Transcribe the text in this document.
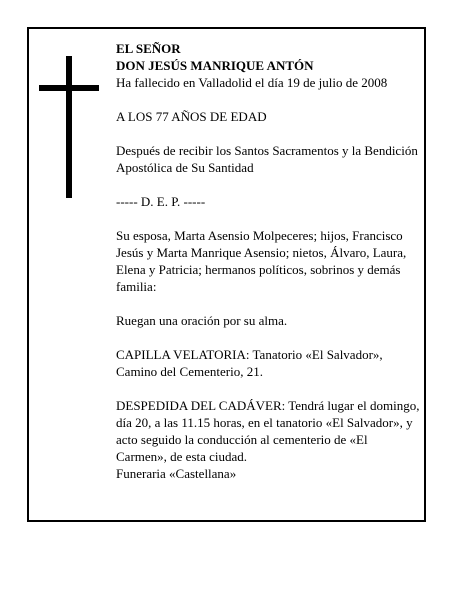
EL SEÑOR

DON JESÚS MANRIQUE ANTÓN

Ha fallecido en Valladolid el día 19 de julio de 2008

A LOS 77 AÑOS DE EDAD

Después de recibir los Santos Sacramentos y la Bendición Apostólica de Su Santidad

----- D. E. P. -----

Su esposa, Marta Asensio Molpeceres; hijos, Francisco Jesús y Marta Manrique Asensio; nietos, Álvaro, Laura, Elena y Patricia; hermanos políticos, sobrinos y demás familia:

Ruegan una oración por su alma.

CAPILLA VELATORIA: Tanatorio «El Salvador», Camino del Cementerio, 21.

DESPEDIDA DEL CADÁVER: Tendrá lugar el domingo, día 20, a las 11.15 horas, en el tanatorio «El Salvador», y acto seguido la conducción al cementerio de «El Carmen», de esta ciudad.

Funeraria «Castellana»
